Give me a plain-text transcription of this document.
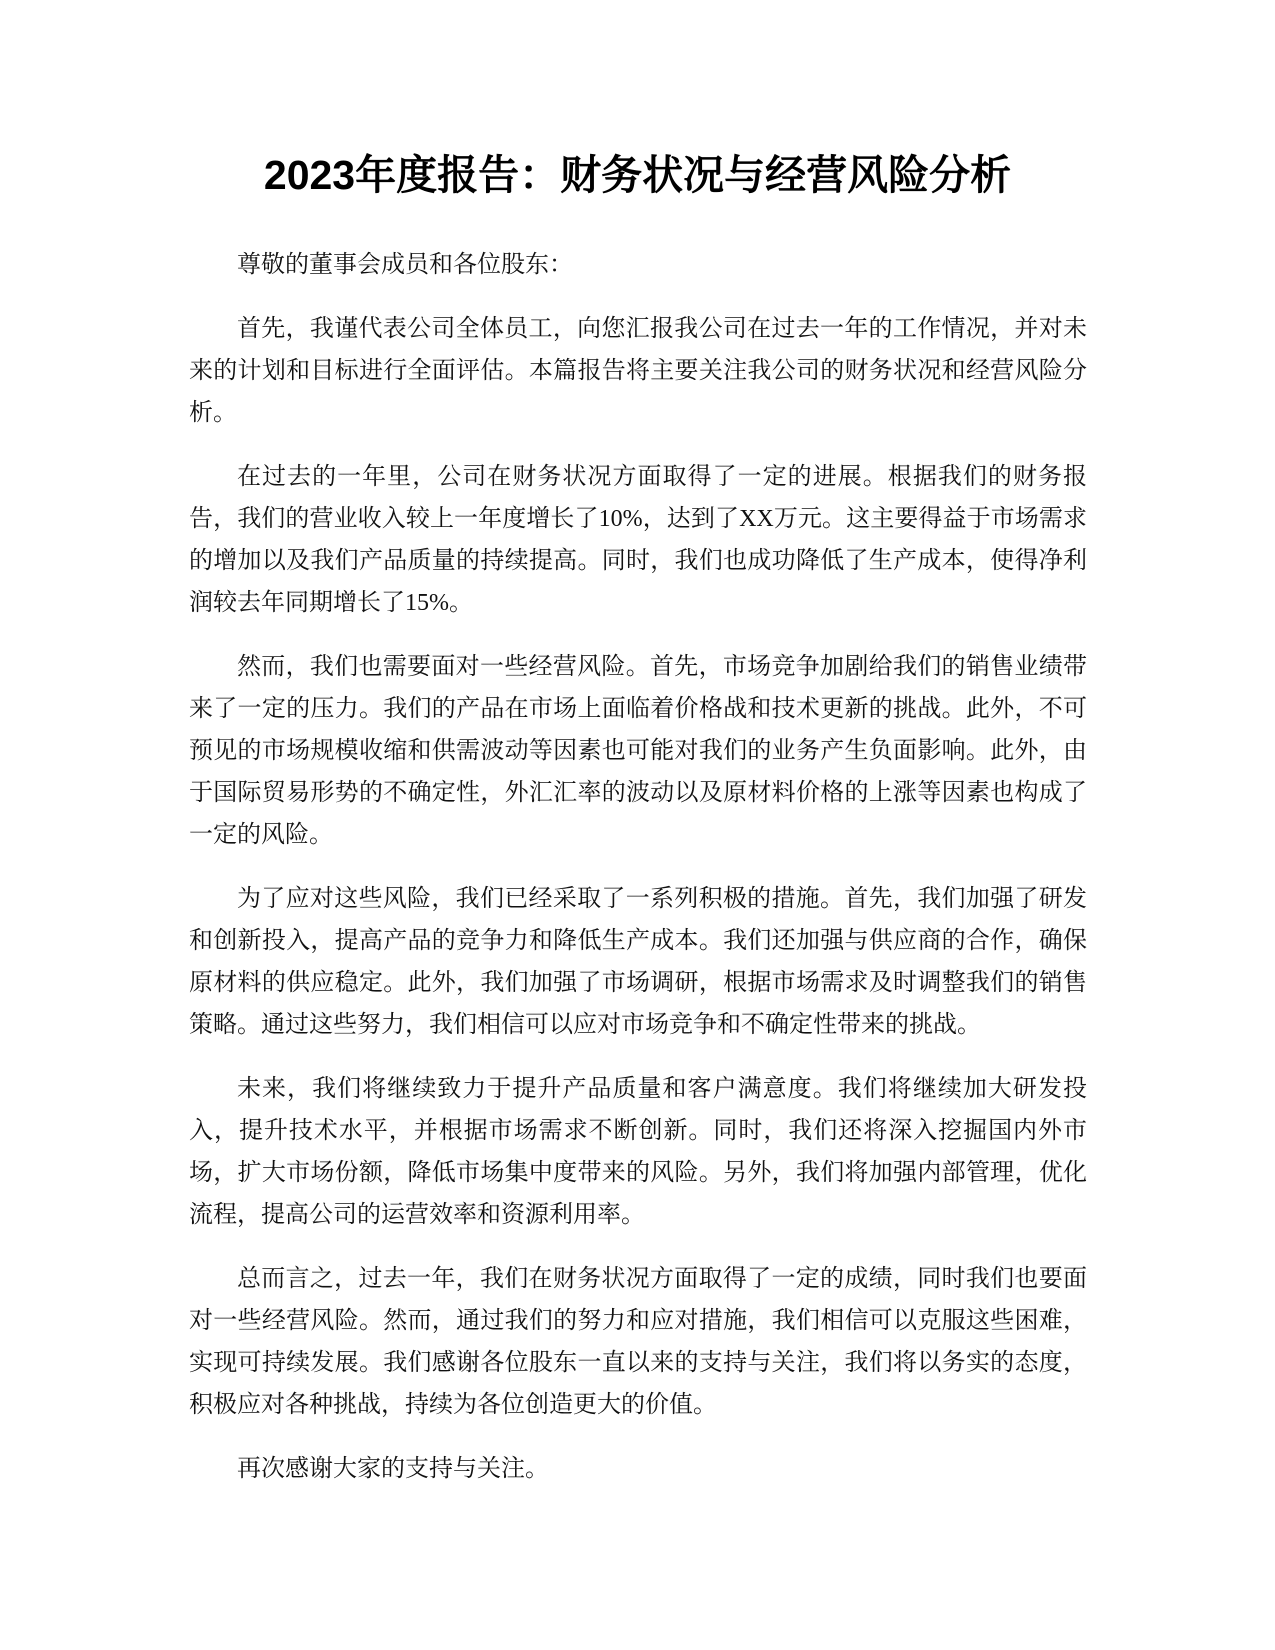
2023年度报告：财务状况与经营风险分析

尊敬的董事会成员和各位股东：

首先，我谨代表公司全体员工，向您汇报我公司在过去一年的工作情况，并对未来的计划和目标进行全面评估。本篇报告将主要关注我公司的财务状况和经营风险分析。

在过去的一年里，公司在财务状况方面取得了一定的进展。根据我们的财务报告，我们的营业收入较上一年度增长了10%，达到了XX万元。这主要得益于市场需求的增加以及我们产品质量的持续提高。同时，我们也成功降低了生产成本，使得净利润较去年同期增长了15%。

然而，我们也需要面对一些经营风险。首先，市场竞争加剧给我们的销售业绩带来了一定的压力。我们的产品在市场上面临着价格战和技术更新的挑战。此外，不可预见的市场规模收缩和供需波动等因素也可能对我们的业务产生负面影响。此外，由于国际贸易形势的不确定性，外汇汇率的波动以及原材料价格的上涨等因素也构成了一定的风险。

为了应对这些风险，我们已经采取了一系列积极的措施。首先，我们加强了研发和创新投入，提高产品的竞争力和降低生产成本。我们还加强与供应商的合作，确保原材料的供应稳定。此外，我们加强了市场调研，根据市场需求及时调整我们的销售策略。通过这些努力，我们相信可以应对市场竞争和不确定性带来的挑战。

未来，我们将继续致力于提升产品质量和客户满意度。我们将继续加大研发投入，提升技术水平，并根据市场需求不断创新。同时，我们还将深入挖掘国内外市场，扩大市场份额，降低市场集中度带来的风险。另外，我们将加强内部管理，优化流程，提高公司的运营效率和资源利用率。

总而言之，过去一年，我们在财务状况方面取得了一定的成绩，同时我们也要面对一些经营风险。然而，通过我们的努力和应对措施，我们相信可以克服这些困难，实现可持续发展。我们感谢各位股东一直以来的支持与关注，我们将以务实的态度，积极应对各种挑战，持续为各位创造更大的价值。

再次感谢大家的支持与关注。
